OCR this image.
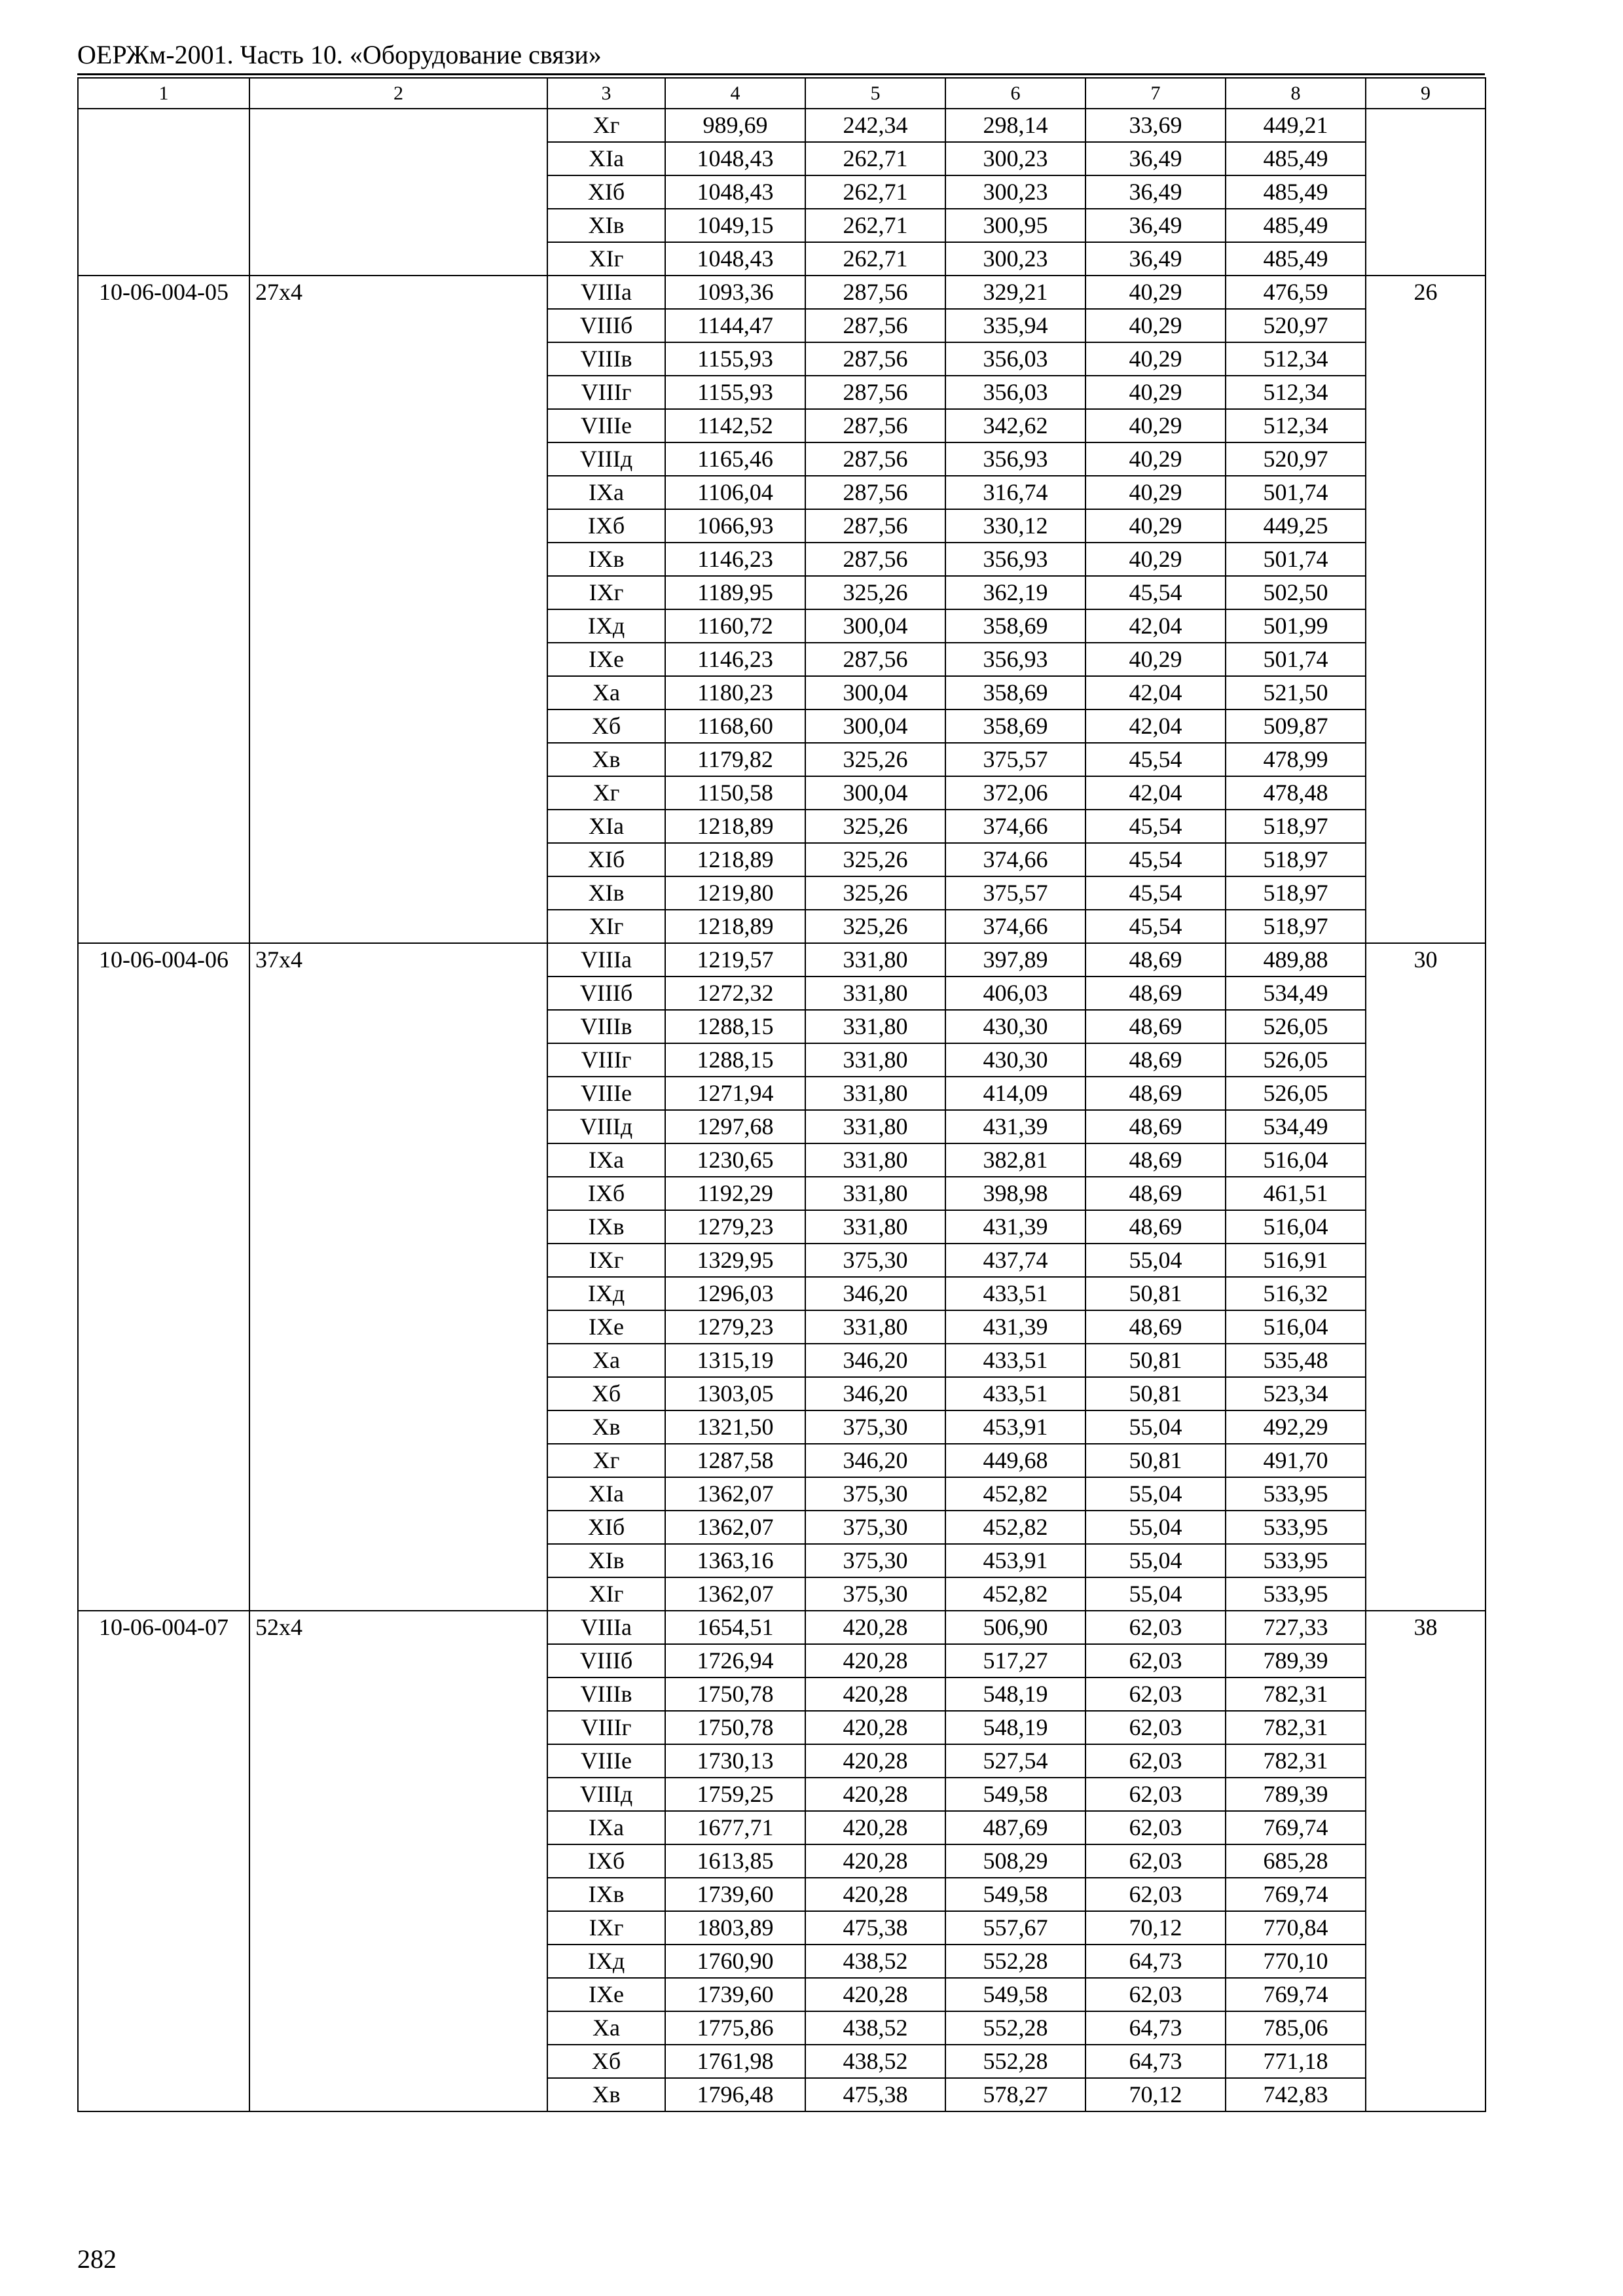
ОЕРЖм-2001. Часть 10. «Оборудование связи»
1	2	3	4	5	6	7	8	9
		Xг	989,69	242,34	298,14	33,69	449,21	
		XIа	1048,43	262,71	300,23	36,49	485,49	
		XIб	1048,43	262,71	300,23	36,49	485,49	
		XIв	1049,15	262,71	300,95	36,49	485,49	
		XIг	1048,43	262,71	300,23	36,49	485,49	
10-06-004-05	27x4	VIIIа	1093,36	287,56	329,21	40,29	476,59	26
		VIIIб	1144,47	287,56	335,94	40,29	520,97	
		VIIIв	1155,93	287,56	356,03	40,29	512,34	
		VIIIг	1155,93	287,56	356,03	40,29	512,34	
		VIIIе	1142,52	287,56	342,62	40,29	512,34	
		VIIIд	1165,46	287,56	356,93	40,29	520,97	
		IXа	1106,04	287,56	316,74	40,29	501,74	
		IXб	1066,93	287,56	330,12	40,29	449,25	
		IXв	1146,23	287,56	356,93	40,29	501,74	
		IXг	1189,95	325,26	362,19	45,54	502,50	
		IXд	1160,72	300,04	358,69	42,04	501,99	
		IXе	1146,23	287,56	356,93	40,29	501,74	
		Xа	1180,23	300,04	358,69	42,04	521,50	
		Xб	1168,60	300,04	358,69	42,04	509,87	
		Xв	1179,82	325,26	375,57	45,54	478,99	
		Xг	1150,58	300,04	372,06	42,04	478,48	
		XIа	1218,89	325,26	374,66	45,54	518,97	
		XIб	1218,89	325,26	374,66	45,54	518,97	
		XIв	1219,80	325,26	375,57	45,54	518,97	
		XIг	1218,89	325,26	374,66	45,54	518,97	
10-06-004-06	37x4	VIIIа	1219,57	331,80	397,89	48,69	489,88	30
		VIIIб	1272,32	331,80	406,03	48,69	534,49	
		VIIIв	1288,15	331,80	430,30	48,69	526,05	
		VIIIг	1288,15	331,80	430,30	48,69	526,05	
		VIIIе	1271,94	331,80	414,09	48,69	526,05	
		VIIIд	1297,68	331,80	431,39	48,69	534,49	
		IXа	1230,65	331,80	382,81	48,69	516,04	
		IXб	1192,29	331,80	398,98	48,69	461,51	
		IXв	1279,23	331,80	431,39	48,69	516,04	
		IXг	1329,95	375,30	437,74	55,04	516,91	
		IXд	1296,03	346,20	433,51	50,81	516,32	
		IXе	1279,23	331,80	431,39	48,69	516,04	
		Xа	1315,19	346,20	433,51	50,81	535,48	
		Xб	1303,05	346,20	433,51	50,81	523,34	
		Xв	1321,50	375,30	453,91	55,04	492,29	
		Xг	1287,58	346,20	449,68	50,81	491,70	
		XIа	1362,07	375,30	452,82	55,04	533,95	
		XIб	1362,07	375,30	452,82	55,04	533,95	
		XIв	1363,16	375,30	453,91	55,04	533,95	
		XIг	1362,07	375,30	452,82	55,04	533,95	
10-06-004-07	52x4	VIIIа	1654,51	420,28	506,90	62,03	727,33	38
		VIIIб	1726,94	420,28	517,27	62,03	789,39	
		VIIIв	1750,78	420,28	548,19	62,03	782,31	
		VIIIг	1750,78	420,28	548,19	62,03	782,31	
		VIIIе	1730,13	420,28	527,54	62,03	782,31	
		VIIIд	1759,25	420,28	549,58	62,03	789,39	
		IXа	1677,71	420,28	487,69	62,03	769,74	
		IXб	1613,85	420,28	508,29	62,03	685,28	
		IXв	1739,60	420,28	549,58	62,03	769,74	
		IXг	1803,89	475,38	557,67	70,12	770,84	
		IXд	1760,90	438,52	552,28	64,73	770,10	
		IXе	1739,60	420,28	549,58	62,03	769,74	
		Xа	1775,86	438,52	552,28	64,73	785,06	
		Xб	1761,98	438,52	552,28	64,73	771,18	
		Xв	1796,48	475,38	578,27	70,12	742,83	
282
